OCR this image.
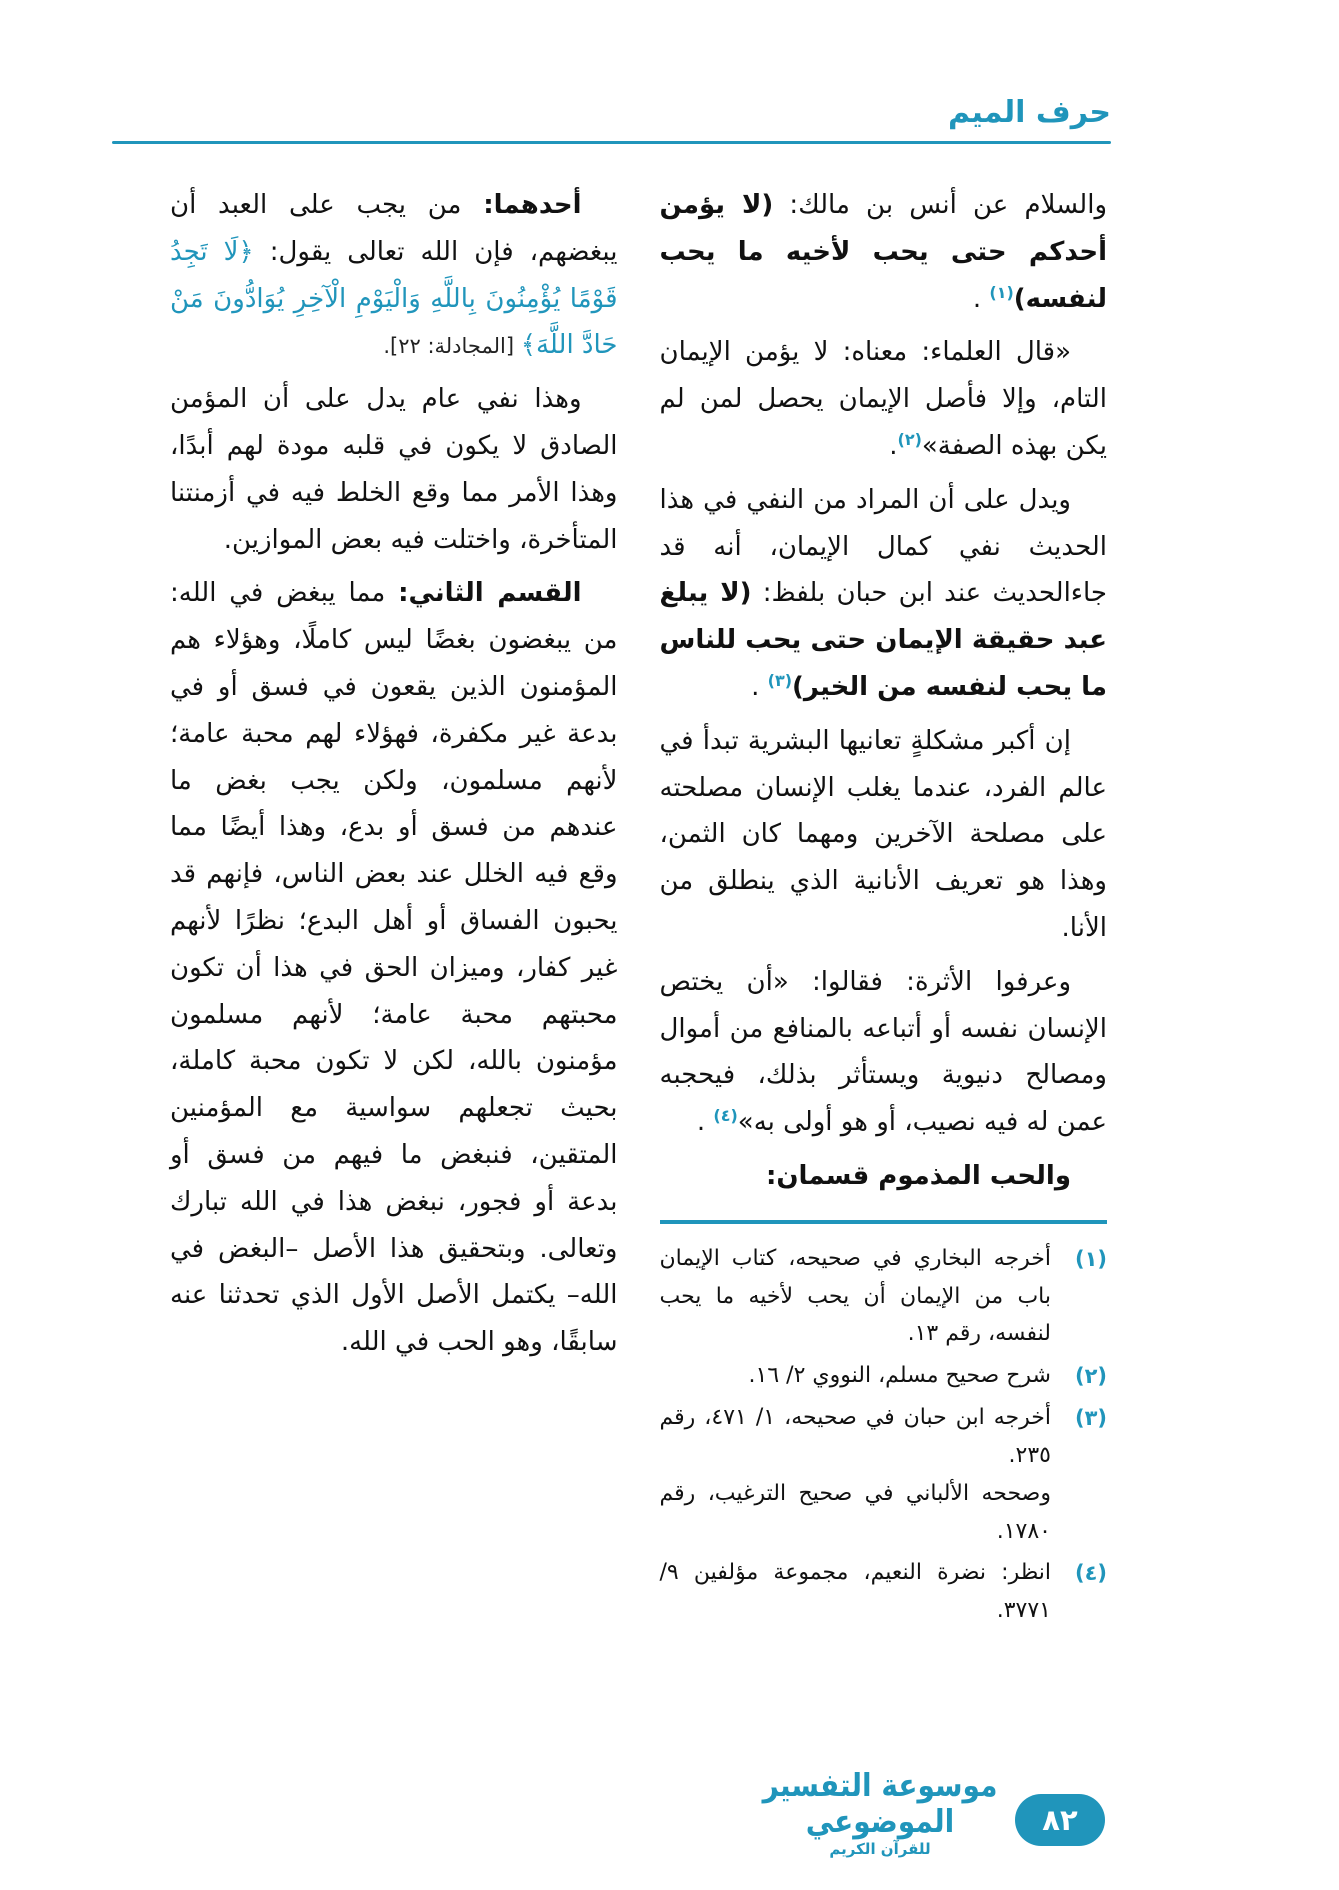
حرف الميم

والسلام عن أنس بن مالك: (لا يؤمن أحدكم حتى يحب لأخيه ما يحب لنفسه)$^{(١)}$ .

«قال العلماء: معناه: لا يؤمن الإيمان التام، وإلا فأصل الإيمان يحصل لمن لم يكن بهذه الصفة»$^{(٢)}$.

ويدل على أن المراد من النفي في هذا الحديث نفي كمال الإيمان، أنه قد جاءالحديث عند ابن حبان بلفظ: (لا يبلغ عبد حقيقة الإيمان حتى يحب للناس ما يحب لنفسه من الخير)$^{(٣)}$ .

إن أكبر مشكلةٍ تعانيها البشرية تبدأ في عالم الفرد، عندما يغلب الإنسان مصلحته على مصلحة الآخرين ومهما كان الثمن، وهذا هو تعريف الأنانية الذي ينطلق من الأنا.

وعرفوا الأثرة: فقالوا: «أن يختص الإنسان نفسه أو أتباعه بالمنافع من أموال ومصالح دنيوية ويستأثر بذلك، فيحجبه عمن له فيه نصيب، أو هو أولى به»$^{(٤)}$ .

والحب المذموم قسمان:

(١)
أخرجه البخاري في صحيحه، كتاب الإيمان باب من الإيمان أن يحب لأخيه ما يحب لنفسه، رقم ١٣.
(٢)
شرح صحيح مسلم، النووي ٢/ ١٦.
(٣)
أخرجه ابن حبان في صحيحه، ١/ ٤٧١، رقم ٢٣٥.
وصححه الألباني في صحيح الترغيب، رقم ١٧٨٠.
(٤)
انظر: نضرة النعيم، مجموعة مؤلفين ٩/ ٣٧٧١.

أحدهما: من يجب على العبد أن يبغضهم، فإن الله تعالى يقول: ﴿لَا تَجِدُ قَوْمًا يُؤْمِنُونَ بِاللَّهِ وَالْيَوْمِ الْآخِرِ يُوَادُّونَ مَنْ حَادَّ اللَّهَ﴾ [المجادلة: ٢٢].

وهذا نفي عام يدل على أن المؤمن الصادق لا يكون في قلبه مودة لهم أبدًا، وهذا الأمر مما وقع الخلط فيه في أزمنتنا المتأخرة، واختلت فيه بعض الموازين.

القسم الثاني: مما يبغض في الله: من يبغضون بغضًا ليس كاملًا، وهؤلاء هم المؤمنون الذين يقعون في فسق أو في بدعة غير مكفرة، فهؤلاء لهم محبة عامة؛ لأنهم مسلمون، ولكن يجب بغض ما عندهم من فسق أو بدع، وهذا أيضًا مما وقع فيه الخلل عند بعض الناس، فإنهم قد يحبون الفساق أو أهل البدع؛ نظرًا لأنهم غير كفار، وميزان الحق في هذا أن تكون محبتهم محبة عامة؛ لأنهم مسلمون مؤمنون بالله، لكن لا تكون محبة كاملة، بحيث تجعلهم سواسية مع المؤمنين المتقين، فنبغض ما فيهم من فسق أو بدعة أو فجور، نبغض هذا في الله تبارك وتعالى. وبتحقيق هذا الأصل –البغض في الله– يكتمل الأصل الأول الذي تحدثنا عنه سابقًا، وهو الحب في الله.

موسوعة التفسير الموضوعي
للقرآن الكريم
٨٢
